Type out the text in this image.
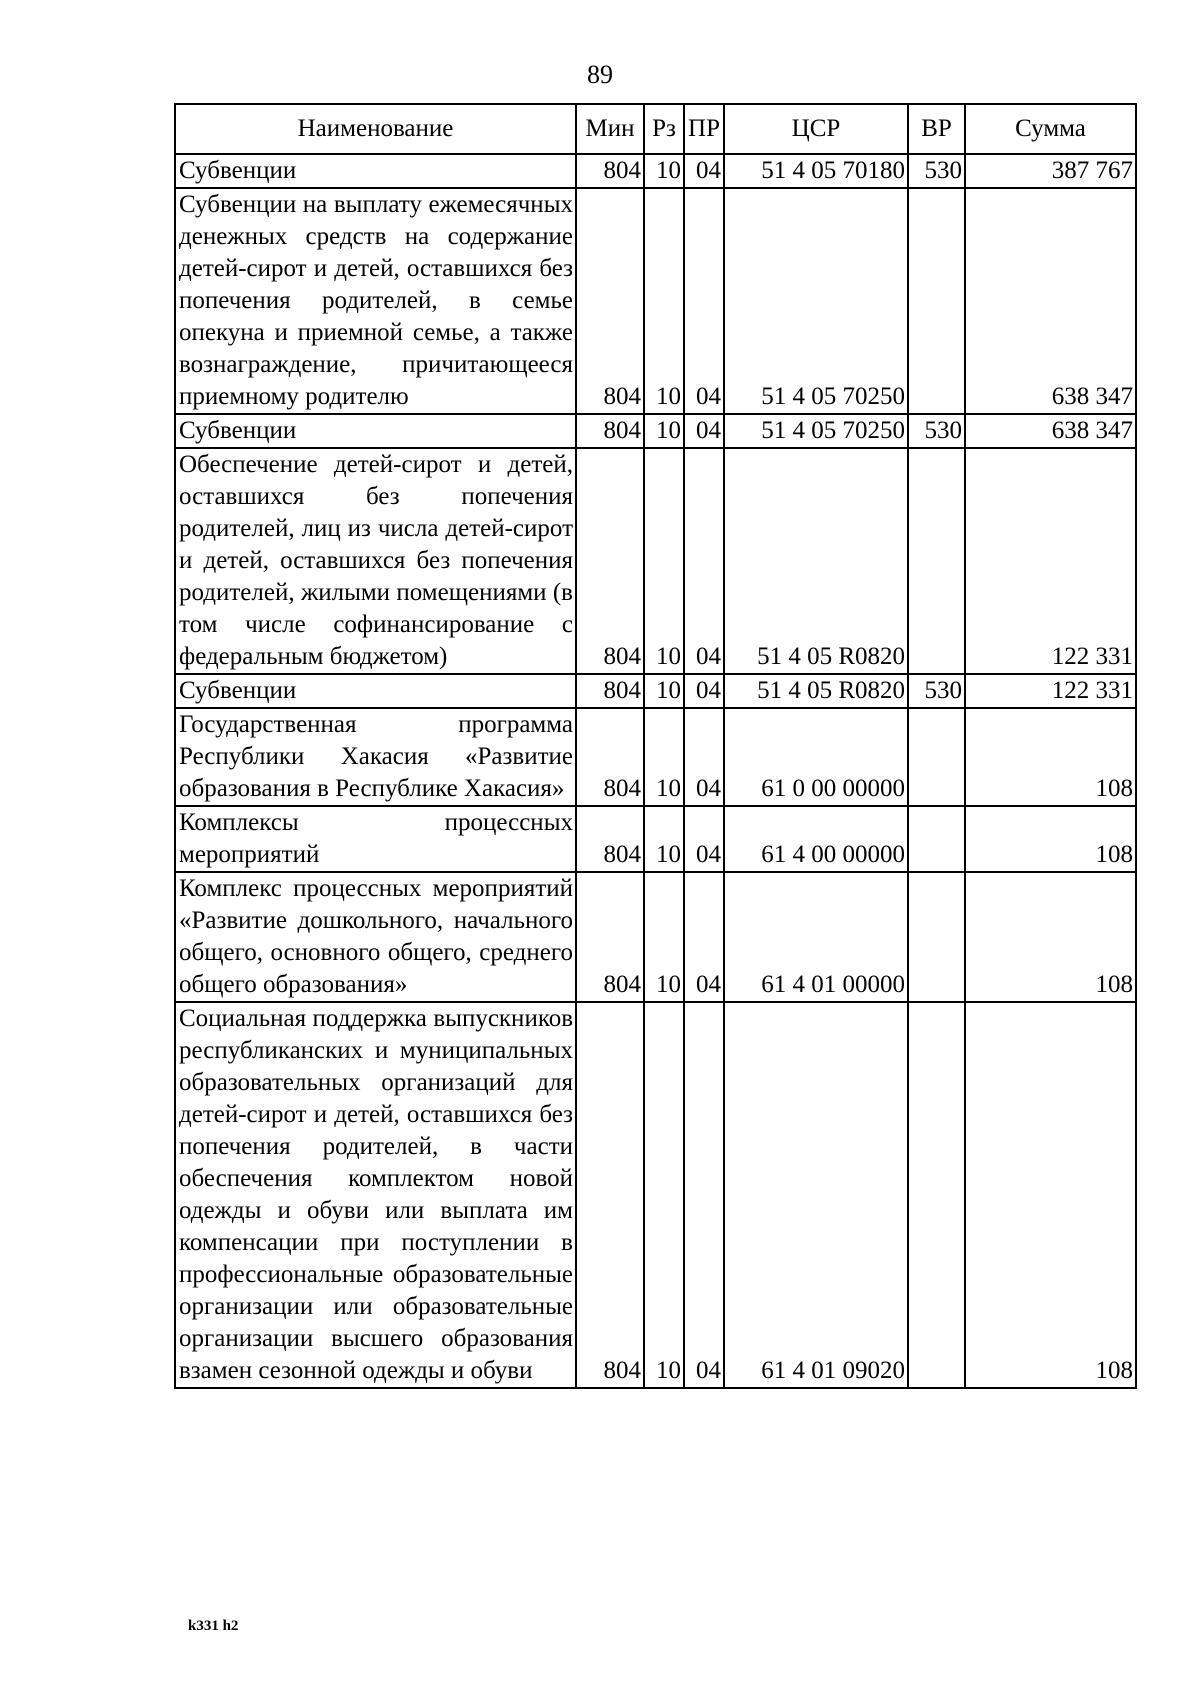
89
Наименование	Мин	Рз	ПР	ЦСР	ВР	Сумма
Субвенции	804	10	04	51 4 05 70180	530	387 767
Субвенции на выплату ежемесячных денежных средств на содержание детей-сирот и детей, оставшихся без попечения родителей, в семье опекуна и приемной семье, а также вознаграждение, причитающееся приемному родителю	804	10	04	51 4 05 70250		638 347
Субвенции	804	10	04	51 4 05 70250	530	638 347
Обеспечение детей-сирот и детей, оставшихся без попечения родителей, лиц из числа детей-сирот и детей, оставшихся без попечения родителей, жилыми помещениями (в том числе софинансирование с федеральным бюджетом)	804	10	04	51 4 05 R0820		122 331
Субвенции	804	10	04	51 4 05 R0820	530	122 331
Государственная программа Республики Хакасия «Развитие образования в Республике Хакасия»	804	10	04	61 0 00 00000		108
Комплексы процессных мероприятий	804	10	04	61 4 00 00000		108
Комплекс процессных мероприятий «Развитие дошкольного, начального общего, основного общего, среднего общего образования»	804	10	04	61 4 01 00000		108
Социальная поддержка выпускников республиканских и муниципальных образовательных организаций для детей-сирот и детей, оставшихся без попечения родителей, в части обеспечения комплектом новой одежды и обуви или выплата им компенсации при поступлении в профессиональные образовательные организации или образовательные организации высшего образования взамен сезонной одежды и обуви	804	10	04	61 4 01 09020		108
k331 h2
